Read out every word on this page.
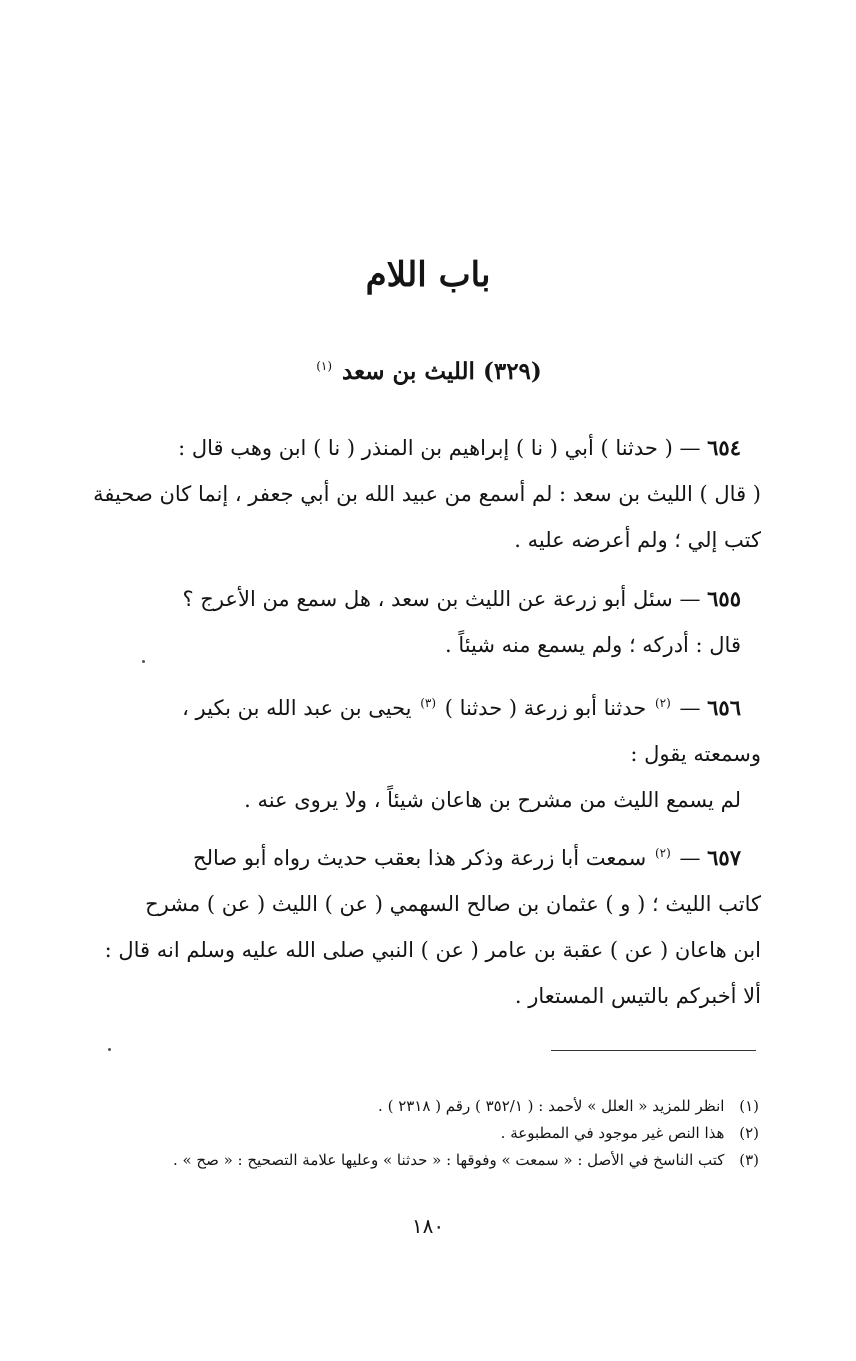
باب اللام
(٣٢٩) الليث بن سعد $^{(١)}$
٦٥٤ — ( حدثنا ) أبي ( نا ) إبراهيم بن المنذر ( نا ) ابن وهب قال :
( قال ) الليث بن سعد : لم أسمع من عبيد الله بن أبي جعفر ، إنما كان صحيفة
كتب إلي ؛ ولم أعرضه عليه .
٦٥٥ — سئل أبو زرعة عن الليث بن سعد ، هل سمع من الأعرج ؟
قال : أدركه ؛ ولم يسمع منه شيئاً .
٦٥٦ — $^{(٢)}$ حدثنا أبو زرعة ( حدثنا ) $^{(٣)}$ يحيى بن عبد الله بن بكير ،
وسمعته يقول :
لم يسمع الليث من مشرح بن هاعان شيئاً ، ولا يروى عنه .
٦٥٧ — $^{(٢)}$ سمعت أبا زرعة وذكر هذا بعقب حديث رواه أبو صالح
كاتب الليث ؛ ( و ) عثمان بن صالح السهمي ( عن ) الليث ( عن ) مشرح
ابن هاعان ( عن ) عقبة بن عامر ( عن ) النبي صلى الله عليه وسلم انه قال :
ألا أخبركم بالتيس المستعار .
(١) انظر للمزيد « العلل » لأحمد : ( ٣٥٢/١ ) رقم ( ٢٣١٨ ) .
(٢) هذا النص غير موجود في المطبوعة .
(٣) كتب الناسخ في الأصل : « سمعت » وفوقها : « حدثنا » وعليها علامة التصحيح : « صح » .
١٨٠
